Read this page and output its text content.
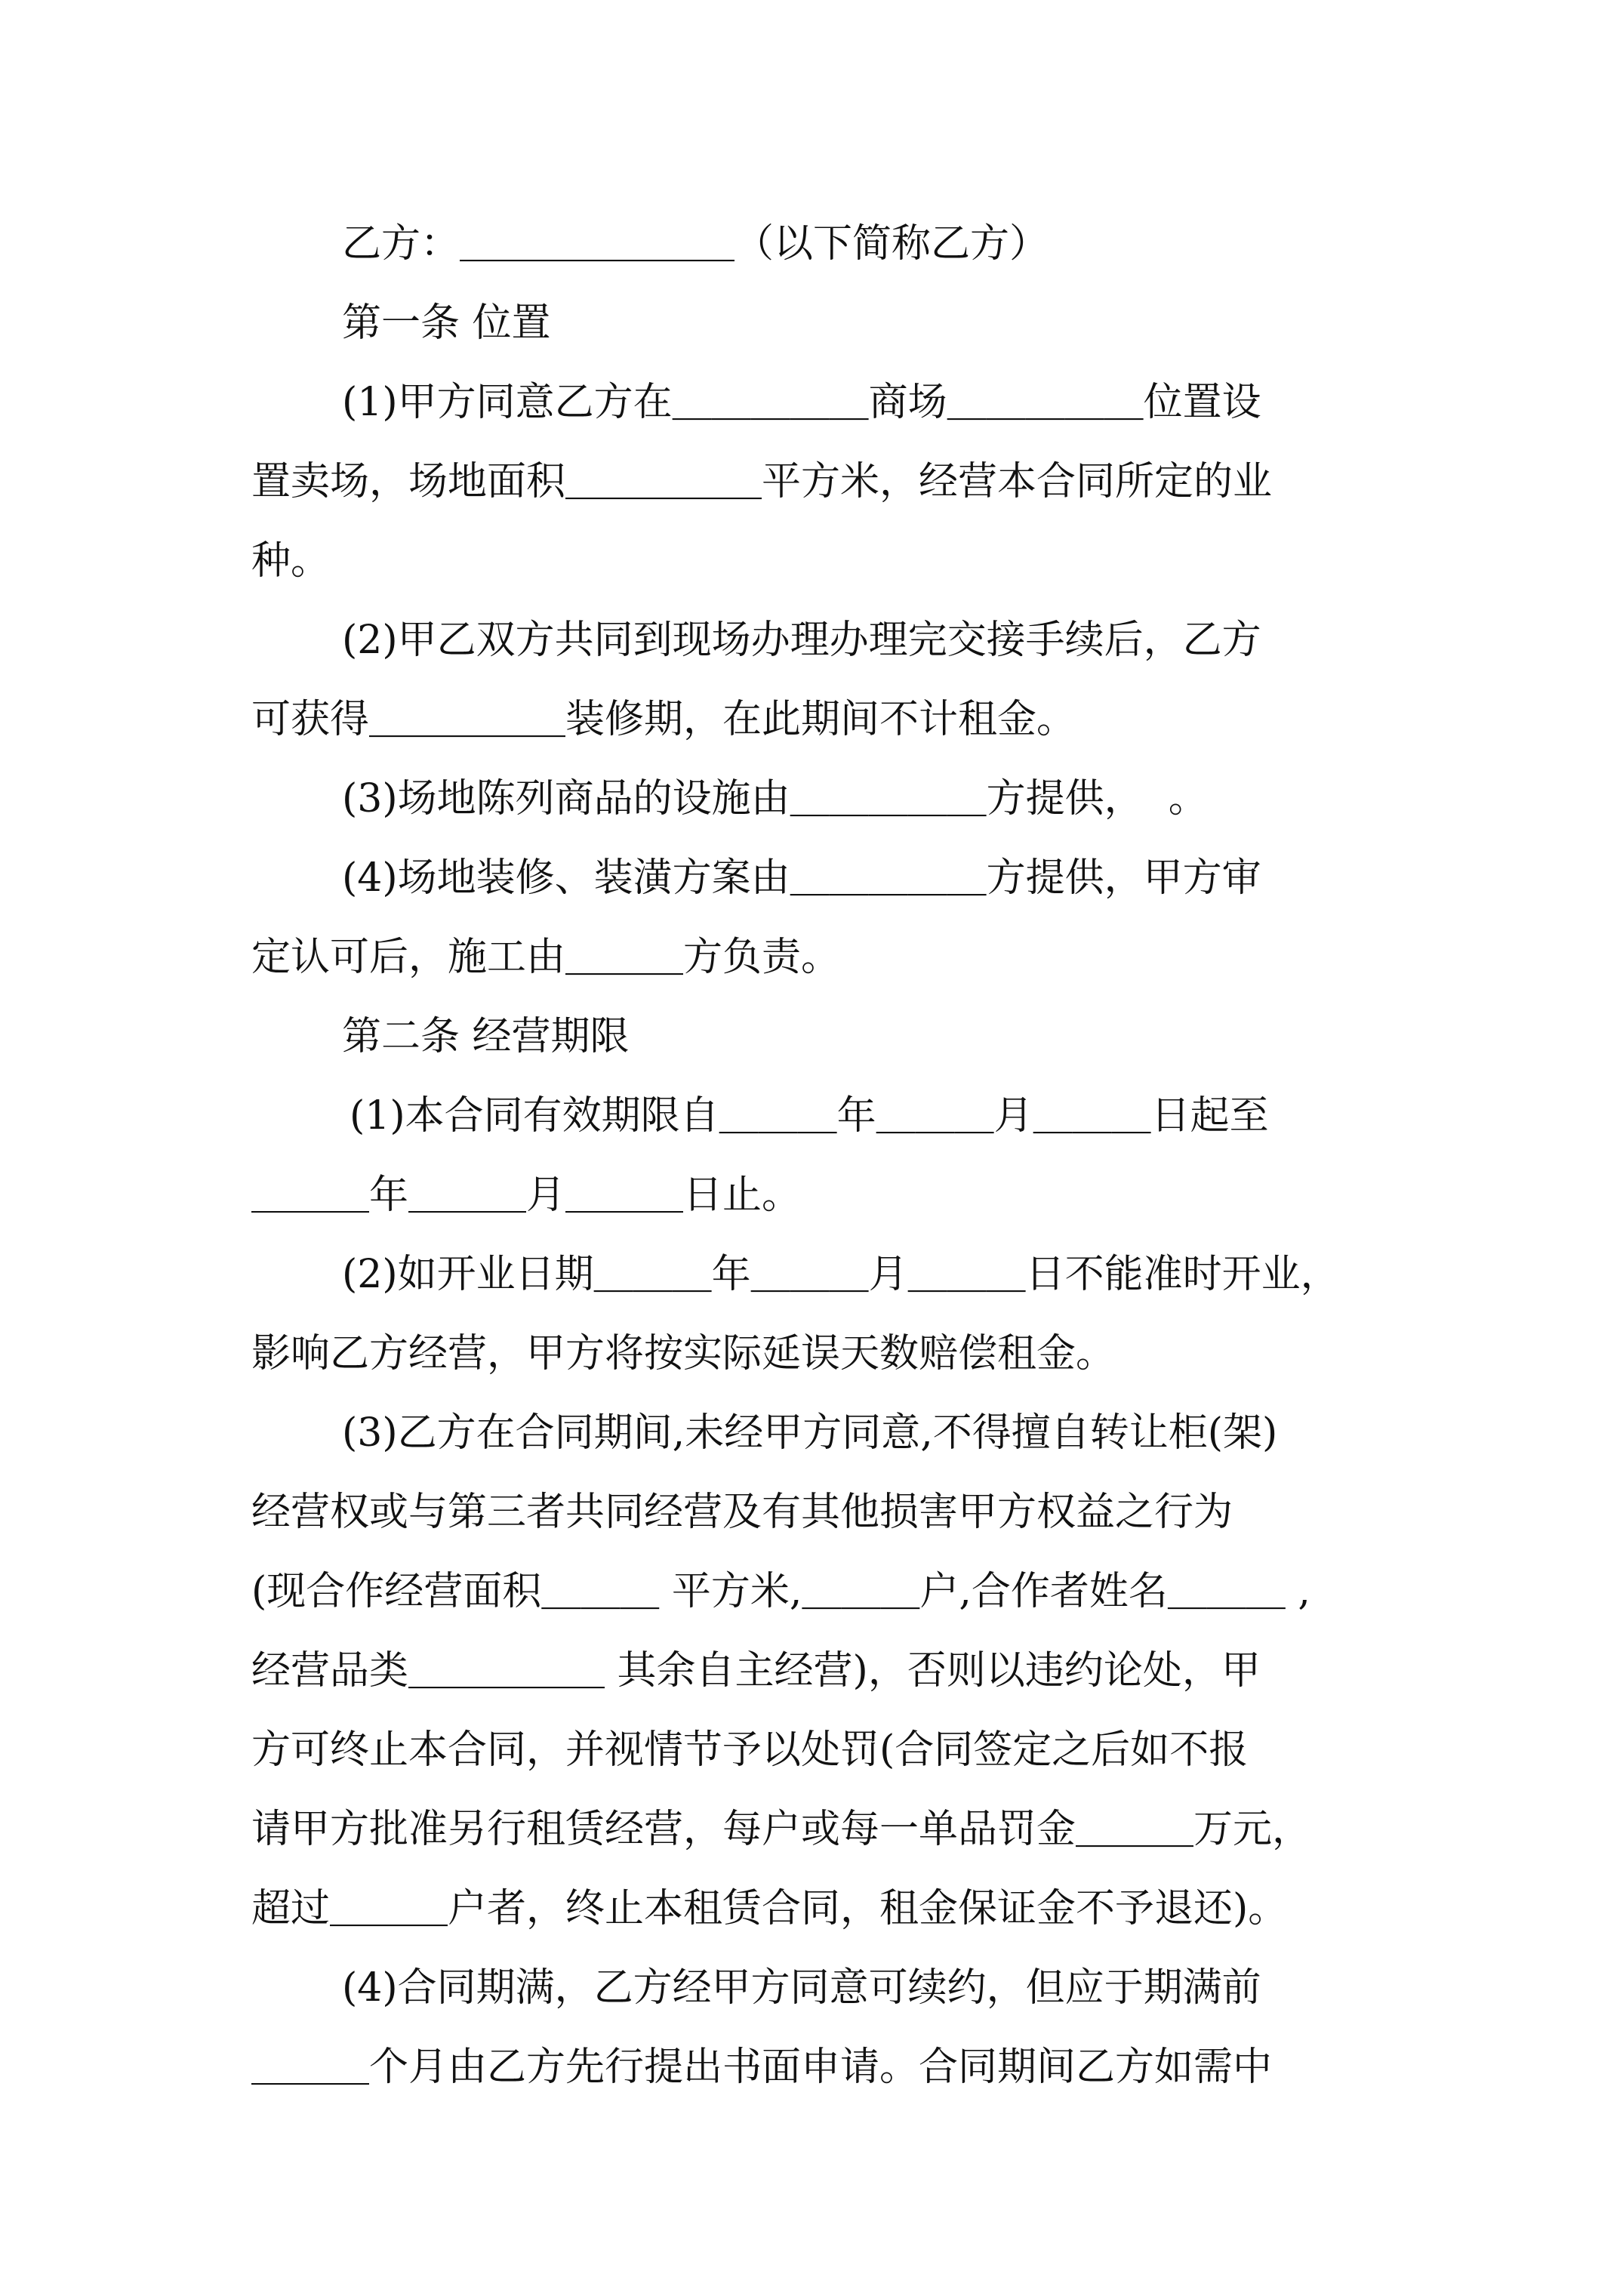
乙方：＿＿＿＿＿＿＿（以下简称乙方）
第一条 位置
(1)甲方同意乙方在＿＿＿＿＿商场＿＿＿＿＿位置设
置卖场，场地面积＿＿＿＿＿平方米，经营本合同所定的业
种。
(2)甲乙双方共同到现场办理办理完交接手续后，乙方
可获得＿＿＿＿＿装修期，在此期间不计租金。
(3)场地陈列商品的设施由＿＿＿＿＿方提供，  。
(4)场地装修、装潢方案由＿＿＿＿＿方提供，甲方审
定认可后，施工由＿＿＿方负责。
第二条 经营期限
(1)本合同有效期限自＿＿＿年＿＿＿月＿＿＿日起至
＿＿＿年＿＿＿月＿＿＿日止。
(2)如开业日期＿＿＿年＿＿＿月＿＿＿日不能准时开业，
影响乙方经营，甲方将按实际延误天数赔偿租金。
(3)乙方在合同期间,未经甲方同意,不得擅自转让柜(架)
经营权或与第三者共同经营及有其他损害甲方权益之行为
(现合作经营面积＿＿＿ 平方米,＿＿＿户,合作者姓名＿＿＿ ,
经营品类＿＿＿＿＿ 其余自主经营)，否则以违约论处，甲
方可终止本合同，并视情节予以处罚(合同签定之后如不报
请甲方批准另行租赁经营，每户或每一单品罚金＿＿＿万元，
超过＿＿＿户者，终止本租赁合同，租金保证金不予退还)。
(4)合同期满，乙方经甲方同意可续约，但应于期满前
＿＿＿个月由乙方先行提出书面申请。合同期间乙方如需中
